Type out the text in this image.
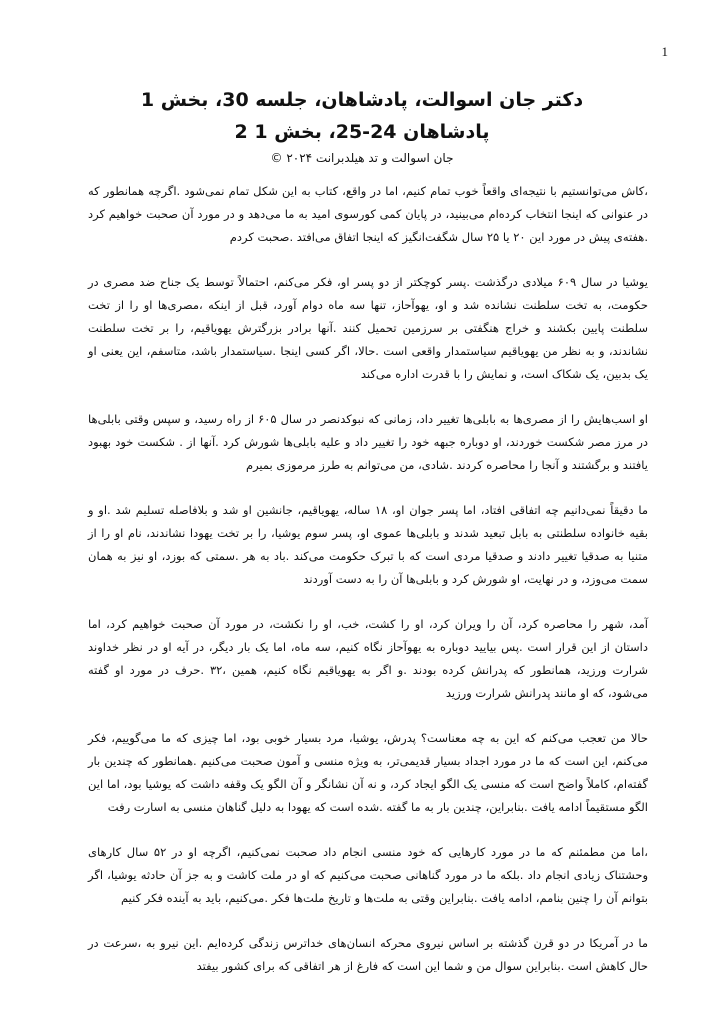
1
دکتر جان اسوالت، پادشاهان، جلسه 30، بخش 1
پادشاهان 24-25، بخش 1 2
جان اسوالت و تد هیلدبرانت ۲۰۲۴ ©

،کاش می‌توانستیم با نتیجه‌ای واقعاً خوب تمام کنیم، اما در واقع، کتاب به این شکل تمام نمی‌شود .اگرچه همانطور که در عنوانی که اینجا انتخاب کرده‌ام می‌بینید، در پایان کمی کورسوی امید به ما می‌دهد و در مورد آن صحبت خواهیم کرد .هفته‌ی پیش در مورد این ۲۰ یا ۲۵ سال شگفت‌انگیز که اینجا اتفاق می‌افتد .صحبت کردم

یوشیا در سال ۶۰۹ میلادی درگذشت .پسر کوچکتر از دو پسر او، فکر می‌کنم، احتمالاً توسط یک جناح ضد مصری در حکومت، به تخت سلطنت نشانده شد و او، یهوآحاز، تنها سه ماه دوام آورد، قبل از اینکه ،مصری‌ها او را از تخت سلطنت پایین بکشند و خراج هنگفتی بر سرزمین تحمیل کنند .آنها برادر بزرگترش یهویاقیم، را بر تخت سلطنت نشاندند، و به نظر من یهویاقیم سیاستمدار واقعی است .حالا، اگر کسی اینجا .سیاستمدار باشد، متاسفم، این یعنی او یک بدبین، یک شکاک است، و نمایش را با قدرت اداره می‌کند

او اسب‌هایش را از مصری‌ها به بابلی‌ها تغییر داد، زمانی که نبوکدنصر در سال ۶۰۵ از راه رسید، و سپس وقتی بابلی‌ها در مرز مصر شکست خوردند، او دوباره جبهه خود را تغییر داد و علیه بابلی‌ها شورش کرد .آنها از . شکست خود بهبود یافتند و برگشتند و آنجا را محاصره کردند .شادی، من می‌توانم به طرز مرموزی بمیرم

ما دقیقاً نمی‌دانیم چه اتفاقی افتاد، اما پسر جوان او، ۱۸ ساله، یهویاقیم، جانشین او شد و بلافاصله تسلیم شد .او و بقیه خانواده سلطنتی به بابل تبعید شدند و بابلی‌ها عموی او، پسر سوم یوشیا، را بر تخت یهودا نشاندند، نام او را از متنیا به صدقیا تغییر دادند و صدقیا مردی است که با تبرک حکومت می‌کند .باد به هر .سمتی که بوزد، او نیز به همان سمت می‌وزد، و در نهایت، او شورش کرد و بابلی‌ها آن را به دست آوردند

آمد، شهر را محاصره کرد، آن را ویران کرد، او را کشت، خب، او را نکشت، در مورد آن صحبت خواهیم کرد، اما داستان از این قرار است .پس بیایید دوباره به یهوآحاز نگاه کنیم، سه ماه، اما یک بار دیگر، در آیه او در نظر خداوند شرارت ورزید، همانطور که پدرانش کرده بودند .و اگر به یهویاقیم نگاه کنیم، همین ،۳۲ .حرف در مورد او گفته می‌شود، که او مانند پدرانش شرارت ورزید

حالا من تعجب می‌کنم که این به چه معناست؟ پدرش، یوشیا، مرد بسیار خوبی بود، اما چیزی که ما می‌گوییم، فکر می‌کنم، این است که ما در مورد اجداد بسیار قدیمی‌تر، به ویژه منسی و آمون صحبت می‌کنیم .همانطور که چندین بار گفته‌ام، کاملاً واضح است که منسی یک الگو ایجاد کرد، و نه آن نشانگر و آن الگو یک وقفه داشت که یوشیا بود، اما این الگو مستقیماً ادامه یافت .بنابراین، چندین بار به ما گفته .شده است که یهودا به دلیل گناهان منسی به اسارت رفت

،اما من مطمئنم که ما در مورد کارهایی که خود منسی انجام داد صحبت نمی‌کنیم، اگرچه او در ۵۲ سال کارهای وحشتناک زیادی انجام داد .بلکه ما در مورد گناهانی صحبت می‌کنیم که او در ملت کاشت و به جز آن حادثه یوشیا، اگر بتوانم آن را چنین بنامم، ادامه یافت .بنابراین وقتی به ملت‌ها و تاریخ ملت‌ها فکر .می‌کنیم، باید به آینده فکر کنیم

ما در آمریکا در دو قرن گذشته بر اساس نیروی محرکه انسان‌های خداترس زندگی کرده‌ایم .این نیرو به ،سرعت در حال کاهش است .بنابراین سوال من و شما این است که فارغ از هر اتفاقی که برای کشور بیفتد
